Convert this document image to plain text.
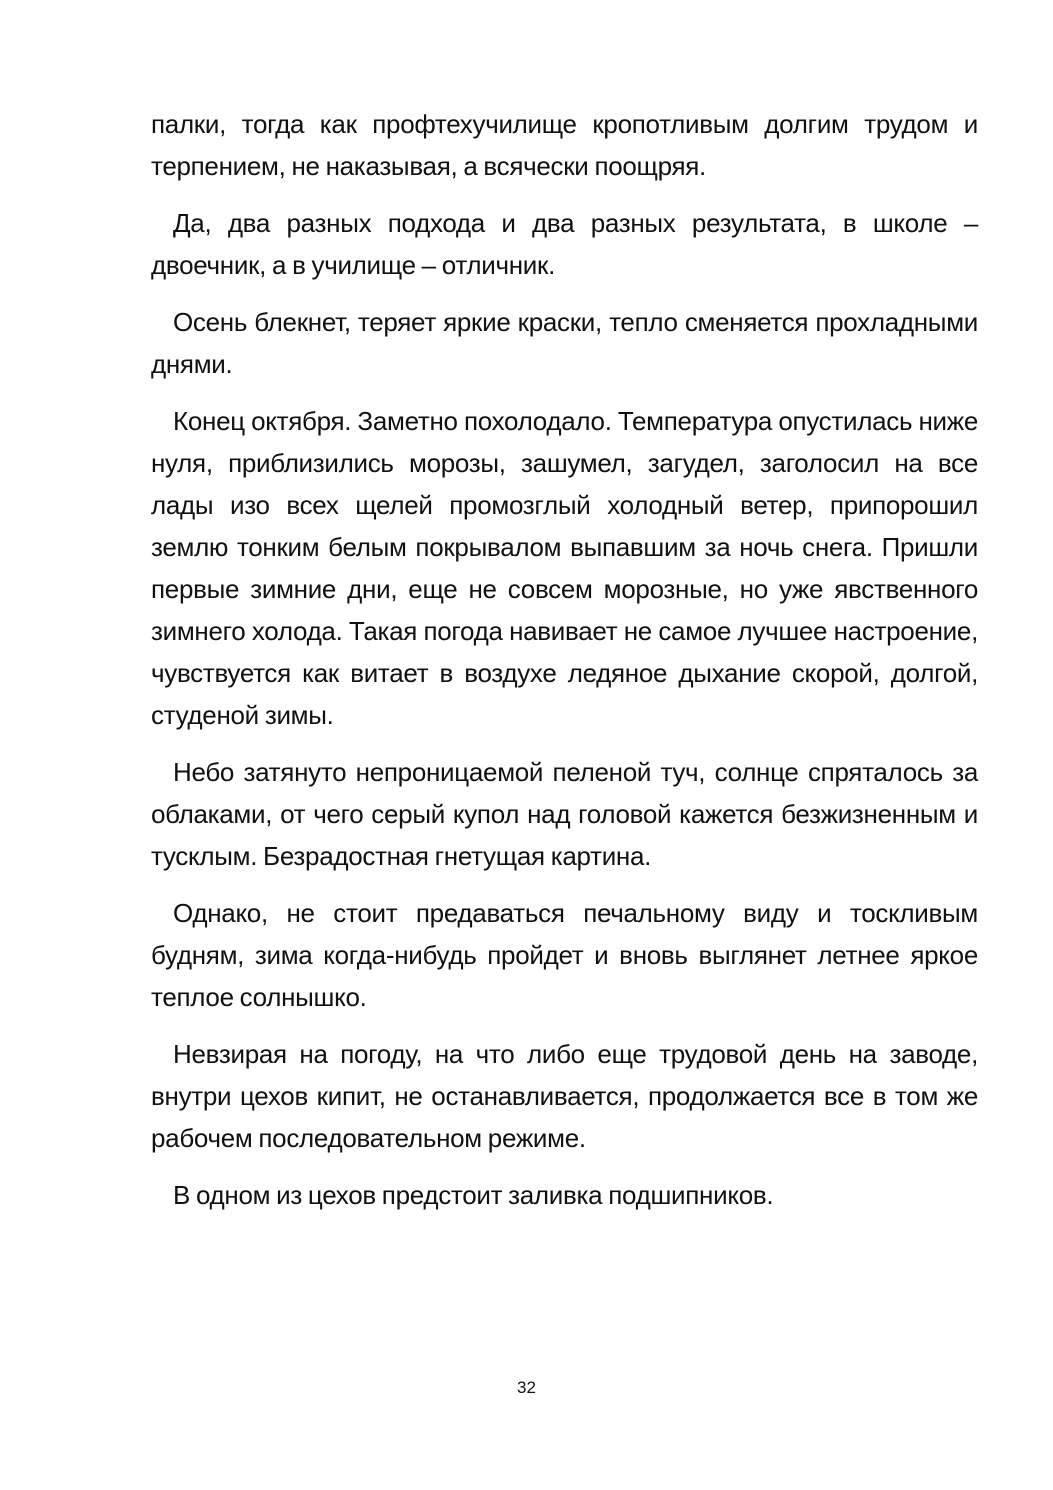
палки, тогда как профтехучилище кропотливым долгим трудом и терпением, не наказывая, а всячески поощряя.

Да, два разных подхода и два разных результата, в школе – двоечник, а в училище – отличник.

Осень блекнет, теряет яркие краски, тепло сменяется прохладными днями.

Конец октября. Заметно похолодало. Температура опустилась ниже нуля, приблизились морозы, зашумел, загудел, заголосил на все лады изо всех щелей промозглый холодный ветер, припорошил землю тонким белым покрывалом выпавшим за ночь снега. Пришли первые зимние дни, еще не совсем морозные, но уже явственного зимнего холода. Такая погода навивает не самое лучшее настроение, чувствуется как витает в воздухе ледяное дыхание скорой, долгой, студеной зимы.

Небо затянуто непроницаемой пеленой туч, солнце спряталось за облаками, от чего серый купол над головой кажется безжизненным и тусклым. Безрадостная гнетущая картина.

Однако, не стоит предаваться печальному виду и тоскливым будням, зима когда-нибудь пройдет и вновь выглянет летнее яркое теплое солнышко.

Невзирая на погоду, на что либо еще трудовой день на заводе, внутри цехов кипит, не останавливается, продолжается все в том же рабочем последовательном режиме.

В одном из цехов предстоит заливка подшипников.

32
